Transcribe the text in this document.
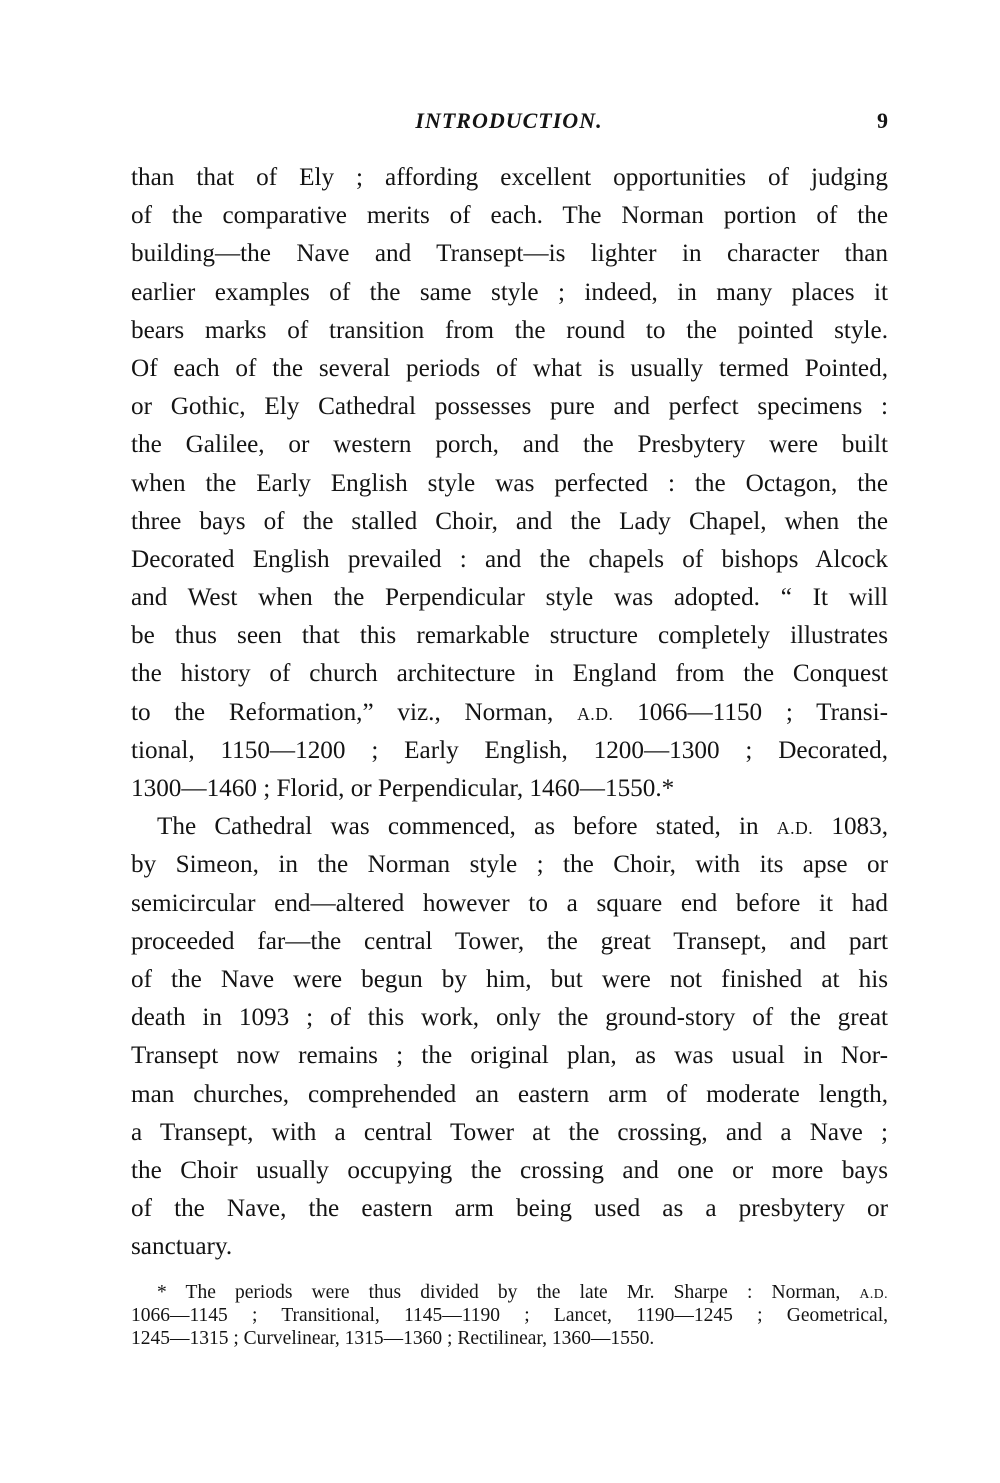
INTRODUCTION.	9

than that of Ely ; affording excellent opportunities of judging
of the comparative merits of each. The Norman portion of the
building—the Nave and Transept—is lighter in character than
earlier examples of the same style ; indeed, in many places it
bears marks of transition from the round to the pointed style.
Of each of the several periods of what is usually termed Pointed,
or Gothic, Ely Cathedral possesses pure and perfect specimens :
the Galilee, or western porch, and the Presbytery were built
when the Early English style was perfected : the Octagon, the
three bays of the stalled Choir, and the Lady Chapel, when the
Decorated English prevailed : and the chapels of bishops Alcock
and West when the Perpendicular style was adopted. “ It will
be thus seen that this remarkable structure completely illustrates
the history of church architecture in England from the Conquest
to the Reformation,” viz., Norman, A.D. 1066—1150 ; Transi-
tional, 1150—1200 ; Early English, 1200—1300 ; Decorated,
1300—1460 ; Florid, or Perpendicular, 1460—1550.*

The Cathedral was commenced, as before stated, in A.D. 1083,
by Simeon, in the Norman style ; the Choir, with its apse or
semicircular end—altered however to a square end before it had
proceeded far—the central Tower, the great Transept, and part
of the Nave were begun by him, but were not finished at his
death in 1093 ; of this work, only the ground-story of the great
Transept now remains ; the original plan, as was usual in Nor-
man churches, comprehended an eastern arm of moderate length,
a Transept, with a central Tower at the crossing, and a Nave ;
the Choir usually occupying the crossing and one or more bays
of the Nave, the eastern arm being used as a presbytery or
sanctuary.

* The periods were thus divided by the late Mr. Sharpe : Norman, A.D.
1066—1145 ; Transitional, 1145—1190 ; Lancet, 1190—1245 ; Geometrical,
1245—1315 ; Curvelinear, 1315—1360 ; Rectilinear, 1360—1550.
